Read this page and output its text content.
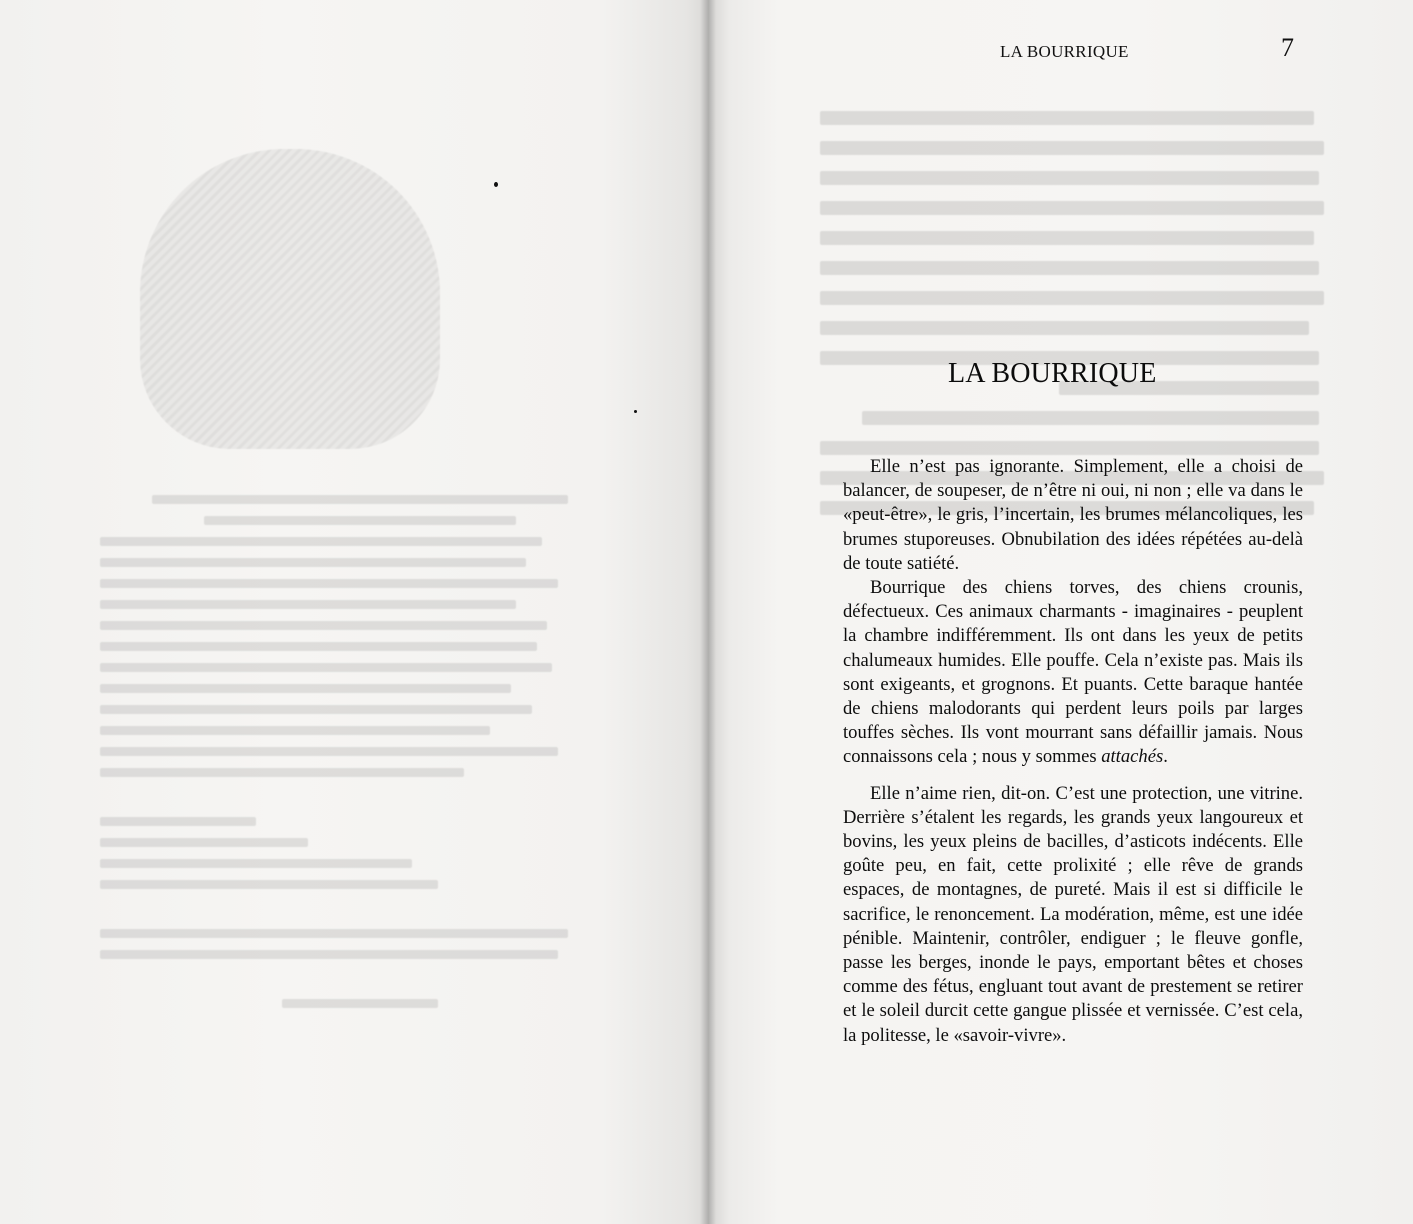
LA BOURRIQUE	7
LA BOURRIQUE

Elle n’est pas ignorante. Simplement, elle a choisi de balancer, de soupeser, de n’être ni oui, ni non ; elle va dans le «peut-être», le gris, l’incertain, les brumes mélancoliques, les brumes stuporeuses. Obnubilation des idées répétées au-delà de toute satiété.

Bourrique des chiens torves, des chiens crounis, défectueux. Ces animaux charmants - imaginaires - peuplent la chambre indifféremment. Ils ont dans les yeux de petits chalumeaux humides. Elle pouffe. Cela n’existe pas. Mais ils sont exigeants, et grognons. Et puants. Cette baraque hantée de chiens malodorants qui perdent leurs poils par larges touffes sèches. Ils vont mourrant sans défaillir jamais. Nous connaissons cela ; nous y sommes attachés.

Elle n’aime rien, dit-on. C’est une protection, une vitrine. Derrière s’étalent les regards, les grands yeux langoureux et bovins, les yeux pleins de bacilles, d’asticots indécents. Elle goûte peu, en fait, cette prolixité ; elle rêve de grands espaces, de montagnes, de pureté. Mais il est si difficile le sacrifice, le renoncement. La modération, même, est une idée pénible. Maintenir, contrôler, endiguer ; le fleuve gonfle, passe les berges, inonde le pays, emportant bêtes et choses comme des fétus, engluant tout avant de prestement se retirer et le soleil durcit cette gangue plissée et vernissée. C’est cela, la politesse, le «savoir-vivre».
